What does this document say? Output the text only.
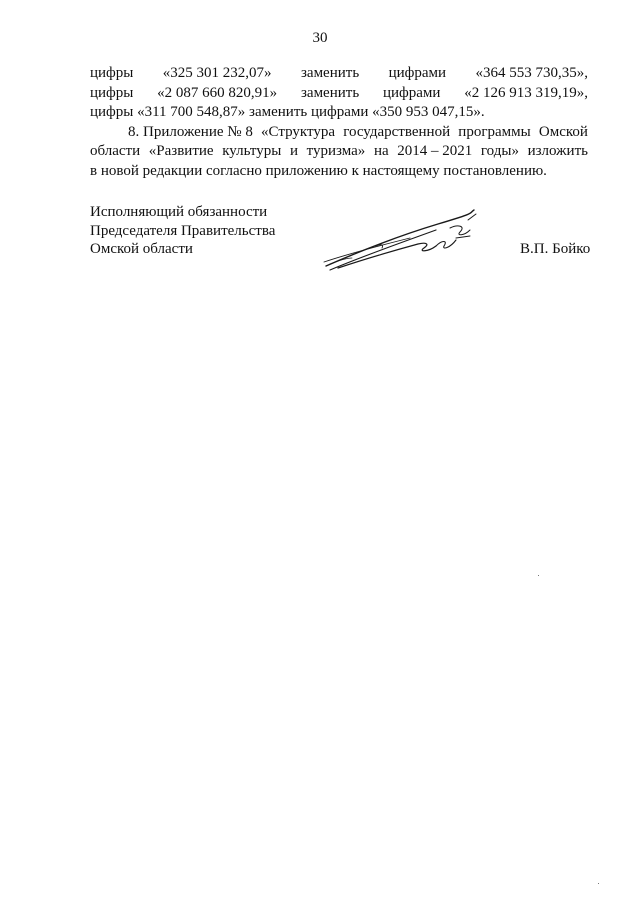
30
цифры «325 301 232,07» заменить цифрами «364 553 730,35»,
цифры «2 087 660 820,91» заменить цифрами «2 126 913 319,19»,
цифры «311 700 548,87» заменить цифрами «350 953 047,15».
8. Приложение № 8 «Структура государственной программы Омской
области «Развитие культуры и туризма» на 2014 – 2021 годы» изложить
в новой редакции согласно приложению к настоящему постановлению.
Исполняющий обязанности
Председателя Правительства
Омской области	В.П. Бойко
